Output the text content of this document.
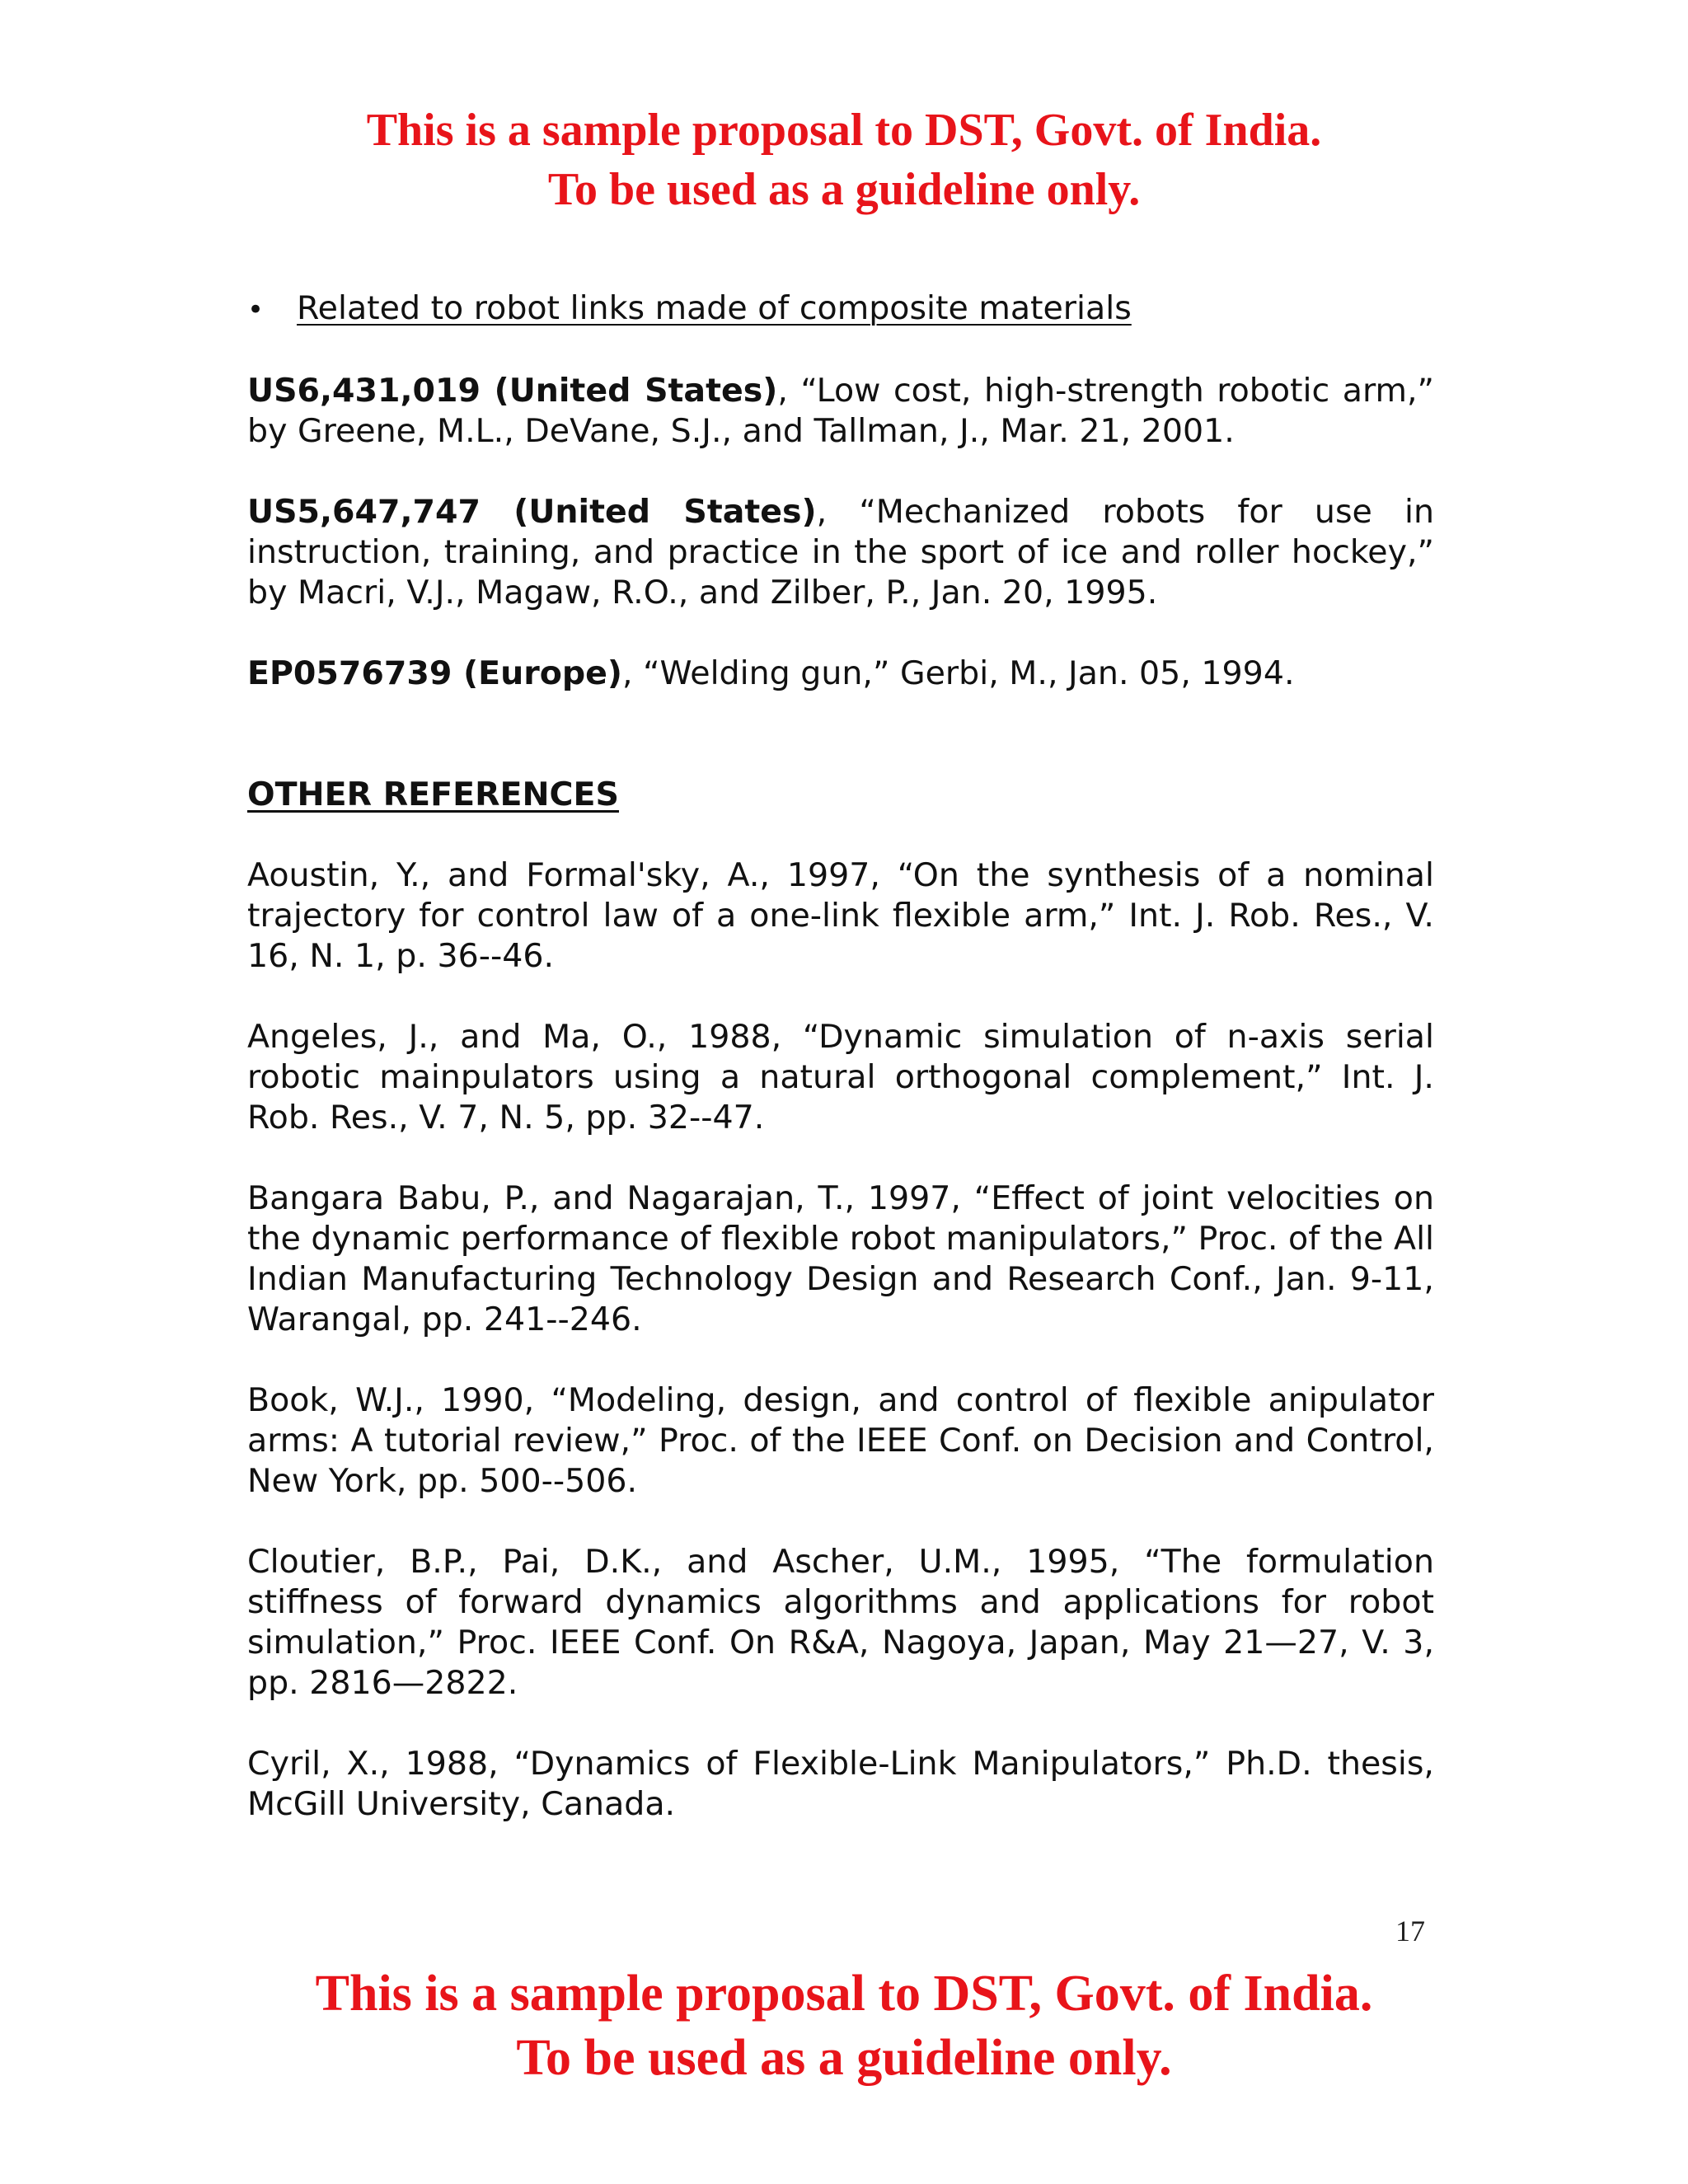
This is a sample proposal to DST, Govt. of India.
To be used as a guideline only.
•	Related to robot links made of composite materials

US6,431,019 (United States), “Low cost, high-strength robotic arm,” by Greene, M.L., DeVane, S.J., and Tallman, J., Mar. 21, 2001.

US5,647,747 (United States), “Mechanized robots for use in instruction, training, and practice in the sport of ice and roller hockey,” by Macri, V.J., Magaw, R.O., and Zilber, P., Jan. 20, 1995.

EP0576739 (Europe), “Welding gun,” Gerbi, M., Jan. 05, 1994.

OTHER REFERENCES

Aoustin, Y., and Formal'sky, A., 1997, “On the synthesis of a nominal trajectory for control law of a one-link flexible arm,” Int. J. Rob. Res., V. 16, N. 1, p. 36--46.

Angeles, J., and Ma, O., 1988, “Dynamic simulation of n-axis serial robotic mainpulators using a natural orthogonal complement,” Int. J. Rob. Res., V. 7, N. 5, pp. 32--47.

Bangara Babu, P., and Nagarajan, T., 1997, “Effect of joint velocities on the dynamic performance of flexible robot manipulators,” Proc. of the All Indian Manufacturing Technology Design and Research Conf., Jan. 9-11, Warangal, pp. 241--246.

Book, W.J., 1990, “Modeling, design, and control of flexible anipulator arms: A tutorial review,” Proc. of the IEEE Conf. on Decision and Control, New York, pp. 500--506.

Cloutier, B.P., Pai, D.K., and Ascher, U.M., 1995, “The formulation stiffness of forward dynamics algorithms and applications for robot simulation,” Proc. IEEE Conf. On R&A, Nagoya, Japan, May 21—27, V. 3, pp. 2816—2822.

Cyril, X., 1988, “Dynamics of Flexible-Link Manipulators,” Ph.D. thesis, McGill University, Canada.

17
This is a sample proposal to DST, Govt. of India.
To be used as a guideline only.
